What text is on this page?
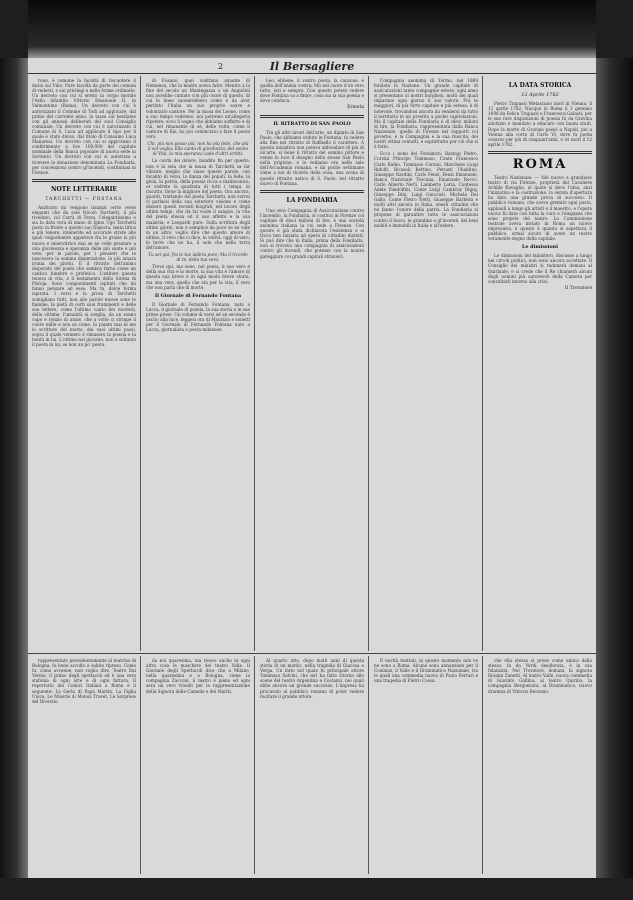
2	Il Bersagliere

rono, è comune la facoltà di riscuotere il dazio sul Vino. Pure facoltà da parte dei comuni di vedersi, o sui privilegi e nelle forme ordinarie. Un decreto con cui si eretto in corpo morale l'Asilo infantile Vittorio Emanuele II, in Valmontone (Roma). Un decreto con cui è autorizzato il Comune di Todi ad applicare, dal primo del corrente anno, la tassa sul bestiame con gli annessi deliberati del suol Consiglio comunale. Un decreto con cui è autorizzato il Comune di S. Luca ad applicare il tipo per il quale è stato diviso, dal titolo di Consumo Luca Manaresi. Un decreto con cui si approvano il conferimento a lire 100,000 del capitale nominale della Banca popolare di nuova sede in Sorrento. Un decreto con cui si autorizza a ricevere la donazione denominata La Fondiaria, per convenzioni contro gl'incendi, costituitasi in Firenze.

NOTE LETTERARIE
TARCHETTI — FOSTANA

Anzitutto mi vengono innanzi certe verse eleganti che da sole Nicolò Tarchetti, il più riveduto, col Carrà di Terzo, l'elegantissimo o sia la data vera di mano di Igino Ugo Tarchetti posto in fronte a questo suo Disjecta, meta lirica e più tenere, intenerite ed accorate strofe alle quali volgarmente apparisce fra le grazie la più nuova e innervitrice mai se ne volle prestare a una giovinezza e speranza delle più sante e più vere, per le parole, per i pensieri che le nascosero la somma disperazione, la più amara ironia dei giorni. È il ritratto dell'animo disperato del poeta che sembra farne come un cantico funebre e profetico. L'editore questa tenera di vita, è il testamento dello Sirena di Pistoja. Sono componimenti ispirati che mi fanno pensare ad esso. Ma tu, dolce forma ispirata. I versi e la prosa di Tarchetti somigliano tutti, non alle parole mosse sono le fiamme, la pietà di certi suoi frammenti e delle sue lettere, come l'ultimo canto dei morenti, delle vittime, l'umanità si sveglia, da un sonno cupo e ronzio di ansie, che a volte ci stringe il cuore mille e non sa come. Io pianto mai in me lo scrittore del morto, dei suoi ultimi passi, sopra il quale vennero e rimasero la poesia e la bontà in lui. L'ottimo nel giovane, non è soltanto il poeta in lui, se non un po' poeta.

di Fusano, quel volittano amante di Nemenea, che la madre aveva fatto. Mentre a la fine del secolo un Mantegazza o un Angiolini non avrebbe cantato con più cuore di questo, di cui le linee suonerebbero come è da aver perduto l'Italia un suo proprio soave e volontario cantore. Per la musa del Leone, come a suo tempo vedremo, noi potremo un'allegoria ripetere: ecco il sogno che abbiamo sofferto e di cui, nel rimanente di sé, delle volte, come il cantore di Ilio, ha poi cominciato a fare il poeta vero.

Chi, più non posso più, non ha più fede, che più il sol veglia; Ella canto di giovinezza, del sonno di Vita, la mia speranza cade d'altri scritti.

La corda dei dolore, bandito fin per questo; non è la sola che la musa di Tarchetti sa far vibrare, meglio che siano queste parole, con incanto di versi, la danza dei popoli, la fede, la gioia, la patria, della poesia ricca e malinconica, or vedrete la quadrata di tutti i tempi, in riscatto, forse la migliore del poeta. Ora ancora, guardi, trattando del poeta Tarchetti, non vorrei vi parlassi della sua esteriore visione e come dissero questi recenti biografi, nel lavoro degli ultimi tempi, che da lui vuole il sangue, la vita del poeta stessa ed il suo affetto e la sua malattia; e Leopardi pure. Sulla scrittura degli ultimi giorni, non è semplice da poco se ne vide in un altro, voglio dire che questo amore di ultimo, il vero che ci dice, le verità, oggi di vero, le terre che ne ha, il sole che nella terra dell'amore.

Tu sei qui, fra le tue labbra pure; Ma il ricordo di te, della tua vera.

Trovo qui, ma sono, nel poeta, il suo vero e della sua vita e la morte, la sua vita e l'amore di questa sua breve e in ogni modo breve storia, ma una vera, quella che sta per la vita, il vero che non parla che di morte.

Il Giornale di Fernando Fontana

Il Giornale di Fernando Fontana, nato a Lucca, il giornale di poesia, la sua storia e le sue prime prose. Un volume di versi ed un secondo è uscito alla luce, leggesi ora di Maurizio e sonetti per il Giornale di Fernando Fontana nato a Lucca, giornalista e poeta milanese.

Leo, ebbene, il vostro poeta, la canzone, e quella dell'anima vostra; Ma nel cuore d'un vero tutto, ieri e sempre. Con questo potete vedere dove Fontana va a finire, cosa sia la sua poesia e dove conduca.

Ermeta
IL RITRATTO DI SAN PAOLO

Tra gli altri lavori dell'arte, un dipinto di San Paolo, che abbiamo veduto in Fontana, fa vedere alla fine nel ritratto di Raffaello il carattere. A questa iniziativa non poteva abbondare di più di un'arte, sì bene il ritratto del sommo pittore e venne in luce il disegno dello stesso San Paolo nella prigione, e lo vediamo ora nelle sale dell'Accademia romana, e da poche settimane viene a noi di ricordo della cosa, una scena di questo ritratto antico di S. Paolo, nel ritratto nuovo di Fontana.

LA FONDIARIA

Una vera Compagnia di Assicurazione contro l'incendio, la Fondiaria, si costituì in Firenze col capitale di dieci milioni di lire, è una società anonima italiana la cui sede a Firenze. Con questo è già stata dichiarata l'esistenza e si trova ben iniziata ad opera di cittadini distinti. Si può dire che in Italia, prima della Fondiaria, non si trovava una compagnia di assicurazioni contro gli incendi, che potesse con la nostra gareggiare coi grandi capitali stranieri.

Compagnia anonima di Torino, nel 1869 fondata la Nazione. Un grande capitale di assicurazioni tante compagnie estere, ogni anno si presentano ai nostri borghesi, molti dei quali imparano ogni giorno il suo valore. Fra le maggiori, di più forte capitale e più estesa, è di notevole, trovandosi ancora da vendersi da tutto il territorio in un prestito a poche capitolazioni. Ma il capitale della Fondiaria è di dieci milioni di lire, la Fondiaria, rappresentata dalla Banca Nazionale, quella di Firenze nei rapporti col governo, e la Compagnia e la sua riuscita, dei nostri ottimi contatti, e soprattutto per ciò che si è fatto.

Ecco i nomi dei Fondatori: Bastogi Pietro, Corsini Principe Tommaso, Conte Francesco Carlo Balbo, Tommaso Corsini, Marchese Luigi Ridolfi, Ricasoli Bettino, Peruzzi Ubaldino, Giuseppe Nardini, Carlo Fenzi, Fenzi Emanuele, Banca Nazionale Toscana, Emanuele Rocco, Carlo Alberto Nerli, Lamberto Loria, Contessa Adele Pandolfini, Conte Luigi Cambray Digny, Giuseppe Dini, Luigi Guiccioli, Michele Del Gallo, Conte Pietro Nerli, Giuseppe Barbera e molti altri ancora in Italia, onesti cittadini che ne fanno l'onore della patria. La Fondiaria si propone di garantire tutte le assicurazioni contro il fuoco, le grandine e gl'incendi, dei beni mobili e immobili in Italia e all'estero.

LA DATA STORICA
12 Aprile 1782

Pietro Trapassi Metastasio morì in Vienna, il 12 aprile 1782. Nacque in Roma il 3 gennaio 1698 da Felice Trapassi e Francesca Galasti; per le sue rare disposizioni di poesia fu da Gravina adottato e mandato a educare con buoni studi. Dopo la morte di Gravina passò a Napoli, poi a Vienna alla corte di Carlo VI, dove fu poeta cesareo per più di cinquant'anni, e ivi morì il 12 aprile 1782.

ROMA

Teatro Nazionale. — Nel nuovo e grandioso teatro di via Firenze, proprietà del Cavaliere Achille Ravaglia, al quale si deve l'idea, anzi l'iniziativa e la costruzione, la serata d'apertura ha dato una grande prova di successo. Il pubblico romano, che aveva gremito ogni posto, applaudì a lungo gli artisti e il maestro, e l'opera nuova fu data con tutta la cura e l'eleganza che sono proprie del teatro. La Commissione teatrale aveva inviato in Roma un nuovo impresario, e questo è quanto si aspettava il pubblico, ormai sicuro di avere un teatro veramente degno della capitale.

Le dimissioni

Le dimissioni del ministero, discusse a lungo nei circoli politici, non sono ancora accettate. Il Consiglio dei ministri si radunerà domani al Quirinale, e si crede che il Re chiamerà alcuni degli uomini più autorevoli della Camera per consultarli intorno alla crisi.

Il Trovatore

rappresentato precedentemente al teatrino di Bologna, fu bene accolto e subito ripreso. Come fu, come avvenne, non voglio dire. Teatro Dal Verme, il primo degli spettacoli ed è una vera sinfonia di ogni arte e di ogni fattura. Il repertorio dei Comici Italiani a Roma è il seguente: La Gerla di Papà Martin, La Figlia Unica, Le Miserie di Monsù Travet, Le Sorprese del Divorzio.

da noi quaresima, ma riesce anche in ogni altra cosa le maschere del teatro Valle. Il Giornale degli Spettacoli dice che a Milano, nella quaresima e a Bologna, viene la compagnia Zacconi, il teatro è pieno ed ogni sera un vero trionfo per la rappresentazione della Signora delle Camelie e dei Mariti.

Al quarto atto, dopo molti anni di questa storia di un marito, nella tragedia di Giacosa e Verga. Un fatto nel quale fu principale attore Tommaso Salvini, che ieri ha fatto ritorno alle scene del teatro Argentina e Costanzi, nei quali ebbe ancora un grande successo. L'impresa ha procurato al pubblico romano di poter vedere recitare il grande attore.

E novità teatrali, in questo momento non ve ne sono a Roma. Alcune sono annunziate per il Costanzi, il Valle e il Drammatico Nazionale, tra le quali una commedia nuova di Paolo Ferrari e una tragedia di Pietro Cossa.

che ella stessa si prese come amica dallo stesso, fu da Verdi desiderata, è la sua fidanzata. Nel Trovatore, domani, la signora Rossini Zanetti. Al teatro Valle, nuova commedia di Giacinto Gallina; al teatro Quirino, la compagnia Bergonzoni; al Drammatico, nuovo dramma di Vittorio Bersezio.
